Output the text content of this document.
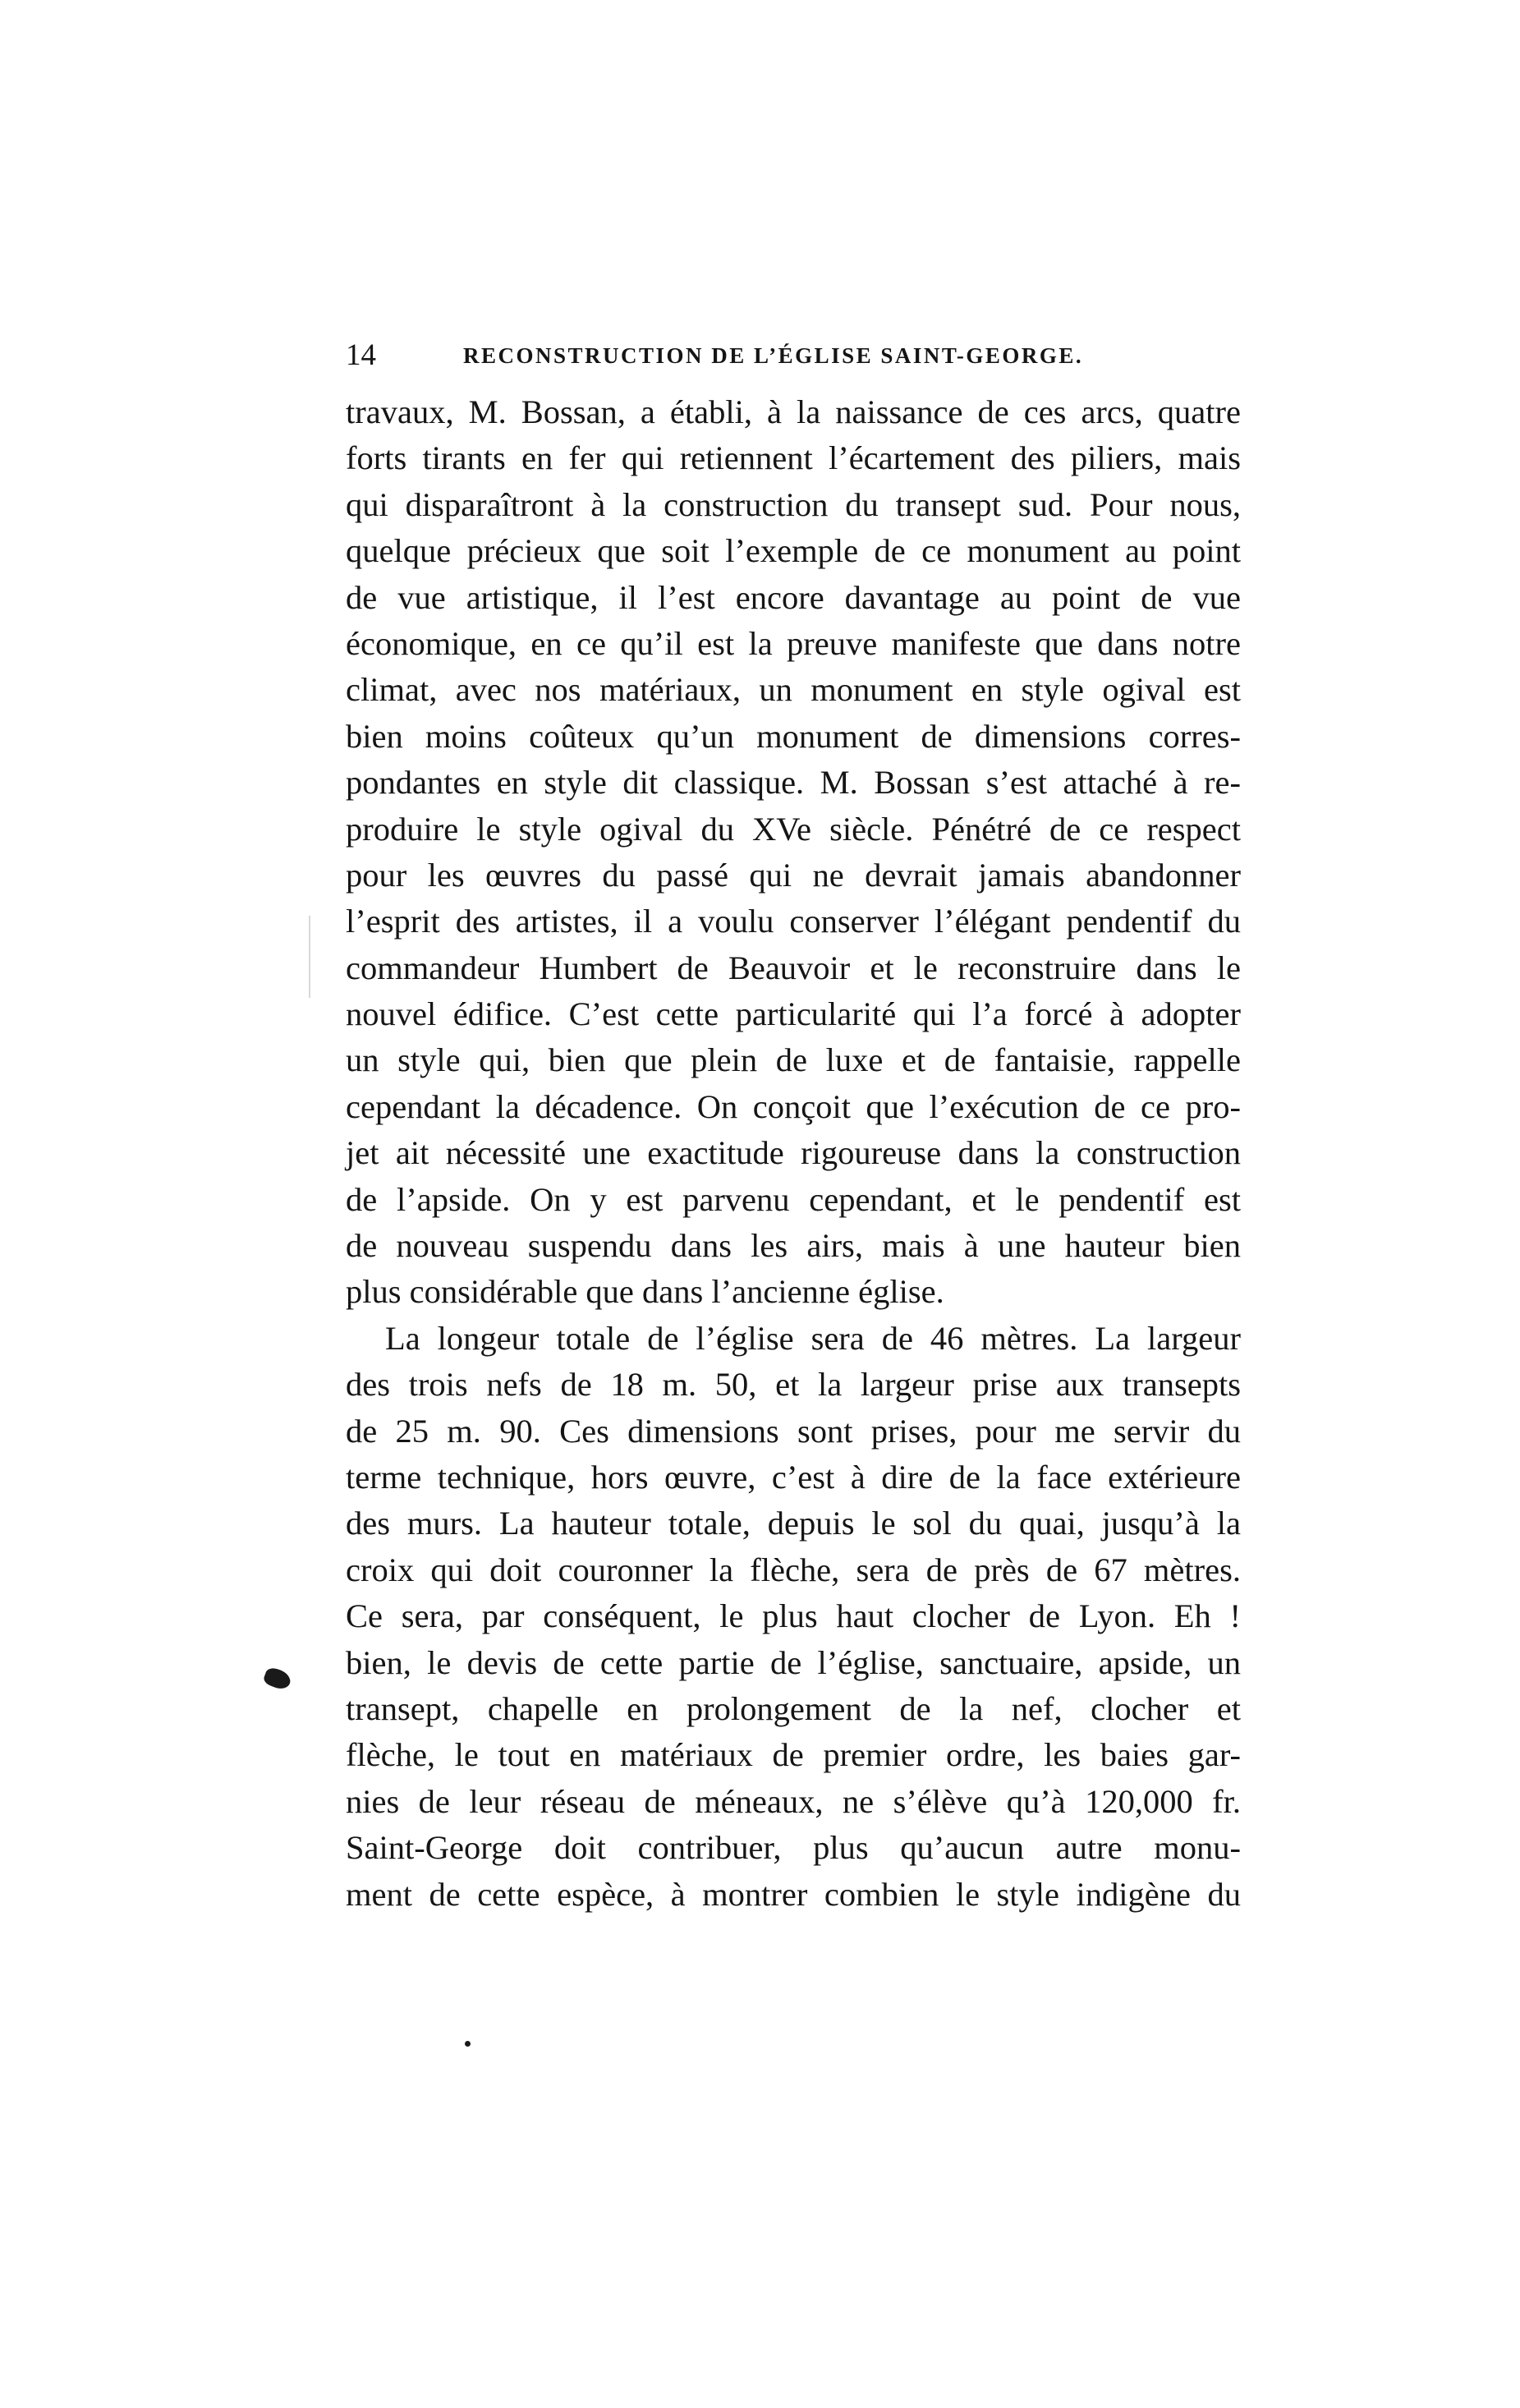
14	RECONSTRUCTION DE L’ÉGLISE SAINT-GEORGE.
travaux, M. Bossan, a établi, à la naissance de ces arcs, quatre
forts tirants en fer qui retiennent l’écartement des piliers, mais
qui disparaîtront à la construction du transept sud. Pour nous,
quelque précieux que soit l’exemple de ce monument au point
de vue artistique, il l’est encore davantage au point de vue
économique, en ce qu’il est la preuve manifeste que dans notre
climat, avec nos matériaux, un monument en style ogival est
bien moins coûteux qu’un monument de dimensions corres-
pondantes en style dit classique. M. Bossan s’est attaché à re-
produire le style ogival du XVe siècle. Pénétré de ce respect
pour les œuvres du passé qui ne devrait jamais abandonner
l’esprit des artistes, il a voulu conserver l’élégant pendentif du
commandeur Humbert de Beauvoir et le reconstruire dans le
nouvel édifice. C’est cette particularité qui l’a forcé à adopter
un style qui, bien que plein de luxe et de fantaisie, rappelle
cependant la décadence. On conçoit que l’exécution de ce pro-
jet ait nécessité une exactitude rigoureuse dans la construction
de l’apside. On y est parvenu cependant, et le pendentif est
de nouveau suspendu dans les airs, mais à une hauteur bien
plus considérable que dans l’ancienne église.
La longeur totale de l’église sera de 46 mètres. La largeur
des trois nefs de 18 m. 50, et la largeur prise aux transepts
de 25 m. 90. Ces dimensions sont prises, pour me servir du
terme technique, hors œuvre, c’est à dire de la face extérieure
des murs. La hauteur totale, depuis le sol du quai, jusqu’à la
croix qui doit couronner la flèche, sera de près de 67 mètres.
Ce sera, par conséquent, le plus haut clocher de Lyon. Eh !
bien, le devis de cette partie de l’église, sanctuaire, apside, un
transept, chapelle en prolongement de la nef, clocher et
flèche, le tout en matériaux de premier ordre, les baies gar-
nies de leur réseau de méneaux, ne s’élève qu’à 120,000 fr.
Saint-George doit contribuer, plus qu’aucun autre monu-
ment de cette espèce, à montrer combien le style indigène du
